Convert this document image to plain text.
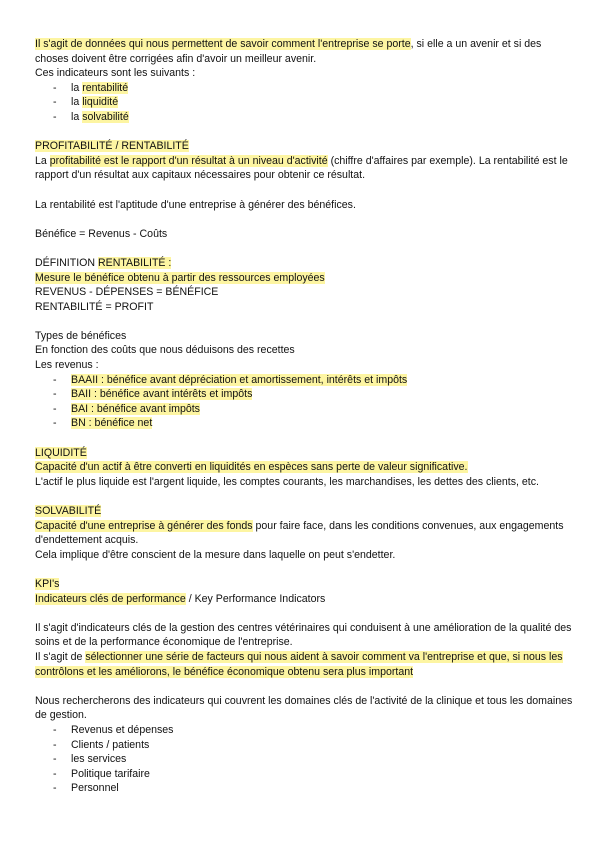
Il s'agit de données qui nous permettent de savoir comment l'entreprise se porte, si elle a un avenir et si des choses doivent être corrigées afin d'avoir un meilleur avenir.

Ces indicateurs sont les suivants :

- la rentabilité
- la liquidité
- la solvabilité

PROFITABILITÉ / RENTABILITÉ

La profitabilité est le rapport d'un résultat à un niveau d'activité (chiffre d'affaires par exemple). La rentabilité est le rapport d'un résultat aux capitaux nécessaires pour obtenir ce résultat.

La rentabilité est l'aptitude d'une entreprise à générer des bénéfices.

Bénéfice = Revenus - Coûts

DÉFINITION RENTABILITÉ :

Mesure le bénéfice obtenu à partir des ressources employées

REVENUS - DÉPENSES = BÉNÉFICE

RENTABILITÉ = PROFIT

Types de bénéfices

En fonction des coûts que nous déduisons des recettes

Les revenus :

- BAAII : bénéfice avant dépréciation et amortissement, intérêts et impôts
- BAII : bénéfice avant intérêts et impôts
- BAI : bénéfice avant impôts
- BN : bénéfice net

LIQUIDITÉ

Capacité d'un actif à être converti en liquidités en espèces sans perte de valeur significative.

L'actif le plus liquide est l'argent liquide, les comptes courants, les marchandises, les dettes des clients, etc.

SOLVABILITÉ

Capacité d'une entreprise à générer des fonds pour faire face, dans les conditions convenues, aux engagements d'endettement acquis.

Cela implique d'être conscient de la mesure dans laquelle on peut s'endetter.

KPI's

Indicateurs clés de performance / Key Performance Indicators

Il s'agit d'indicateurs clés de la gestion des centres vétérinaires qui conduisent à une amélioration de la qualité des soins et de la performance économique de l'entreprise.

Il s'agit de sélectionner une série de facteurs qui nous aident à savoir comment va l'entreprise et que, si nous les contrôlons et les améliorons, le bénéfice économique obtenu sera plus important

Nous rechercherons des indicateurs qui couvrent les domaines clés de l'activité de la clinique et tous les domaines de gestion.

- Revenus et dépenses
- Clients / patients
- les services
- Politique tarifaire
- Personnel
